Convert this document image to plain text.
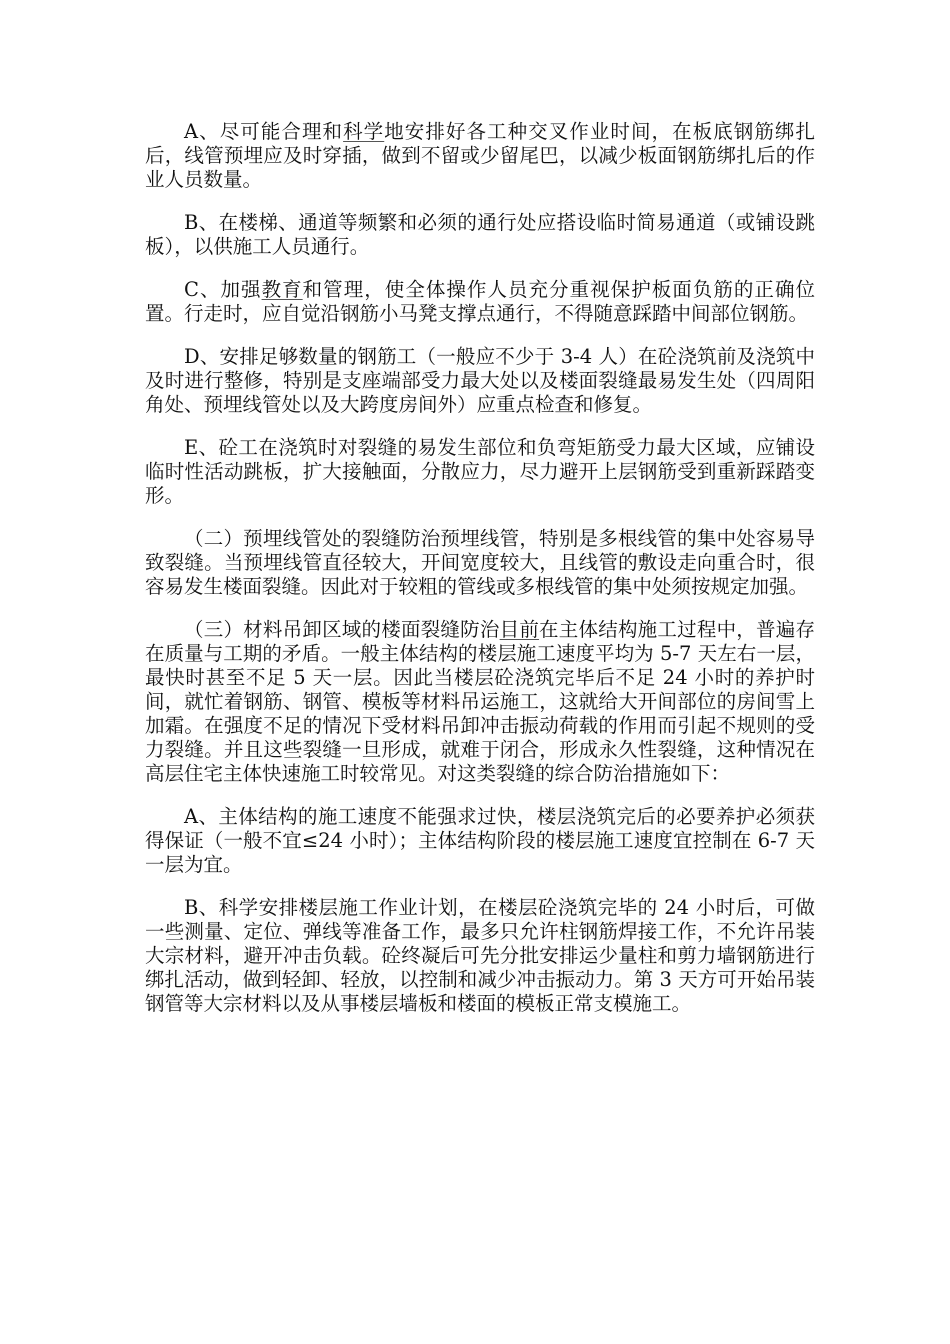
A、尽可能合理和科学地安排好各工种交叉作业时间，在板底钢筋绑扎后，线管预埋应及时穿插，做到不留或少留尾巴，以减少板面钢筋绑扎后的作业人员数量。

B、在楼梯、通道等频繁和必须的通行处应搭设临时简易通道（或铺设跳板），以供施工人员通行。

C、加强教育和管理，使全体操作人员充分重视保护板面负筋的正确位置。行走时，应自觉沿钢筋小马凳支撑点通行，不得随意踩踏中间部位钢筋。

D、安排足够数量的钢筋工（一般应不少于 3-4 人）在砼浇筑前及浇筑中及时进行整修，特别是支座端部受力最大处以及楼面裂缝最易发生处（四周阳角处、预埋线管处以及大跨度房间外）应重点检查和修复。

E、砼工在浇筑时对裂缝的易发生部位和负弯矩筋受力最大区域，应铺设临时性活动跳板，扩大接触面，分散应力，尽力避开上层钢筋受到重新踩踏变形。

（二）预埋线管处的裂缝防治预埋线管，特别是多根线管的集中处容易导致裂缝。当预埋线管直径较大，开间宽度较大，且线管的敷设走向重合时，很容易发生楼面裂缝。因此对于较粗的管线或多根线管的集中处须按规定加强。

（三）材料吊卸区域的楼面裂缝防治目前在主体结构施工过程中，普遍存在质量与工期的矛盾。一般主体结构的楼层施工速度平均为 5-7 天左右一层，最快时甚至不足 5 天一层。因此当楼层砼浇筑完毕后不足 24 小时的养护时间，就忙着钢筋、钢管、模板等材料吊运施工，这就给大开间部位的房间雪上加霜。在强度不足的情况下受材料吊卸冲击振动荷载的作用而引起不规则的受力裂缝。并且这些裂缝一旦形成，就难于闭合，形成永久性裂缝，这种情况在高层住宅主体快速施工时较常见。对这类裂缝的综合防治措施如下：

A、主体结构的施工速度不能强求过快，楼层浇筑完后的必要养护必须获得保证（一般不宜≤24 小时）；主体结构阶段的楼层施工速度宜控制在 6-7 天一层为宜。

B、科学安排楼层施工作业计划，在楼层砼浇筑完毕的 24 小时后，可做一些测量、定位、弹线等准备工作，最多只允许柱钢筋焊接工作，不允许吊装大宗材料，避开冲击负载。砼终凝后可先分批安排运少量柱和剪力墙钢筋进行绑扎活动，做到轻卸、轻放，以控制和减少冲击振动力。第 3 天方可开始吊装钢管等大宗材料以及从事楼层墙板和楼面的模板正常支模施工。
